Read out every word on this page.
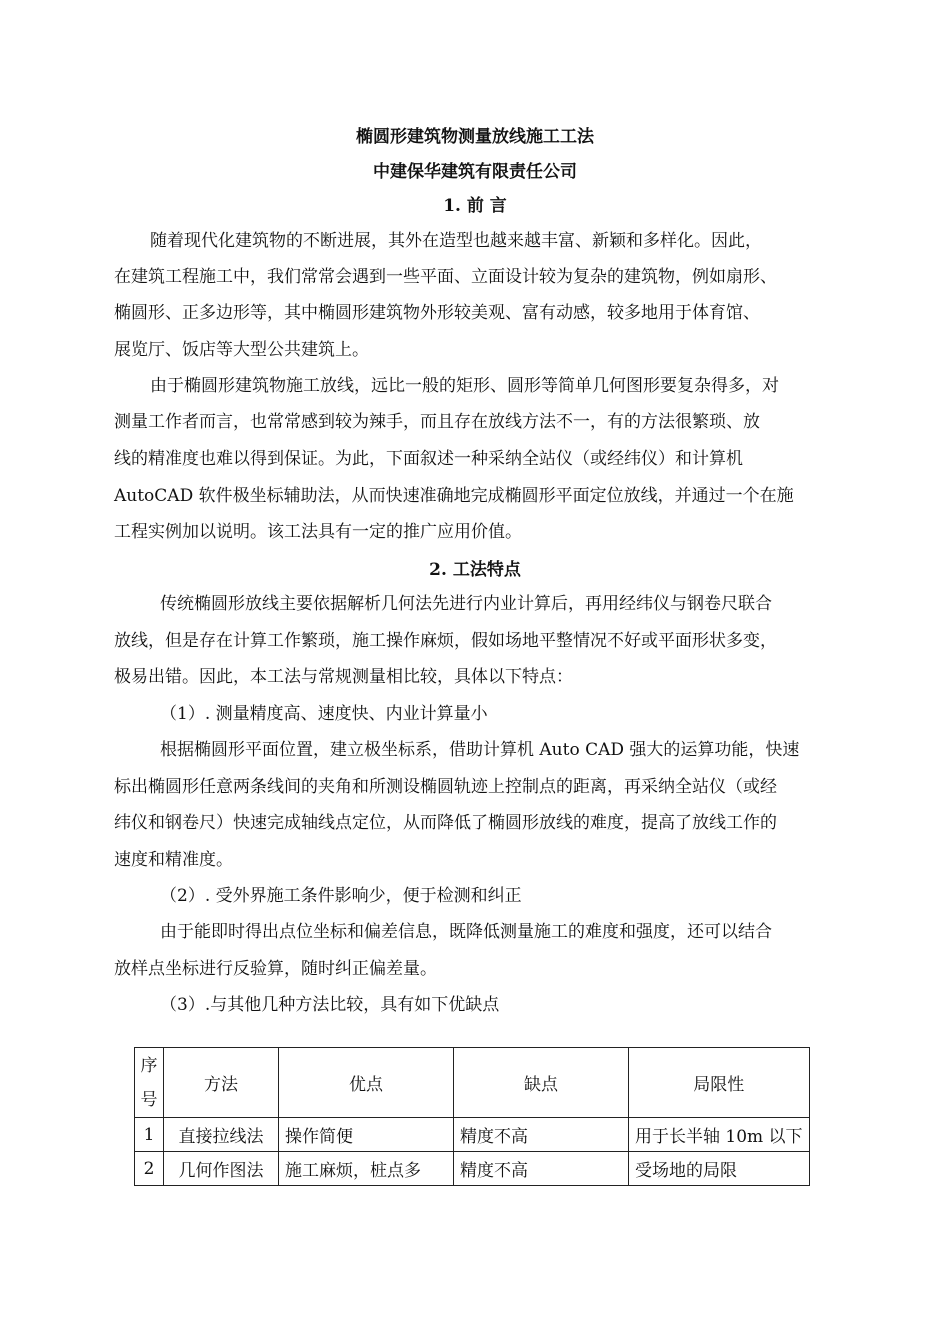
椭圆形建筑物测量放线施工工法
中建保华建筑有限责任公司
1. 前 言
随着现代化建筑物的不断进展，其外在造型也越来越丰富、新颖和多样化。因此，
在建筑工程施工中，我们常常会遇到一些平面、立面设计较为复杂的建筑物，例如扇形、
椭圆形、正多边形等，其中椭圆形建筑物外形较美观、富有动感，较多地用于体育馆、
展览厅、饭店等大型公共建筑上。
由于椭圆形建筑物施工放线，远比一般的矩形、圆形等简单几何图形要复杂得多，对
测量工作者而言，也常常感到较为辣手，而且存在放线方法不一，有的方法很繁琐、放
线的精准度也难以得到保证。为此，下面叙述一种采纳全站仪（或经纬仪）和计算机
AutoCAD 软件极坐标辅助法，从而快速准确地完成椭圆形平面定位放线，并通过一个在施
工程实例加以说明。该工法具有一定的推广应用价值。
2. 工法特点
传统椭圆形放线主要依据解析几何法先进行内业计算后，再用经纬仪与钢卷尺联合
放线，但是存在计算工作繁琐，施工操作麻烦，假如场地平整情况不好或平面形状多变，
极易出错。因此，本工法与常规测量相比较，具体以下特点：
（1）. 测量精度高、速度快、内业计算量小
根据椭圆形平面位置，建立极坐标系，借助计算机 Auto CAD 强大的运算功能，快速
标出椭圆形任意两条线间的夹角和所测设椭圆轨迹上控制点的距离，再采纳全站仪（或经
纬仪和钢卷尺）快速完成轴线点定位，从而降低了椭圆形放线的难度，提高了放线工作的
速度和精准度。
（2）. 受外界施工条件影响少，便于检测和纠正
由于能即时得出点位坐标和偏差信息，既降低测量施工的难度和强度，还可以结合
放样点坐标进行反验算，随时纠正偏差量。
（3）.与其他几种方法比较，具有如下优缺点
序
号	方法	优点	缺点	局限性
1	直接拉线法	操作简便	精度不高	用于长半轴 10m 以下
2	几何作图法	施工麻烦，桩点多	精度不高	受场地的局限
